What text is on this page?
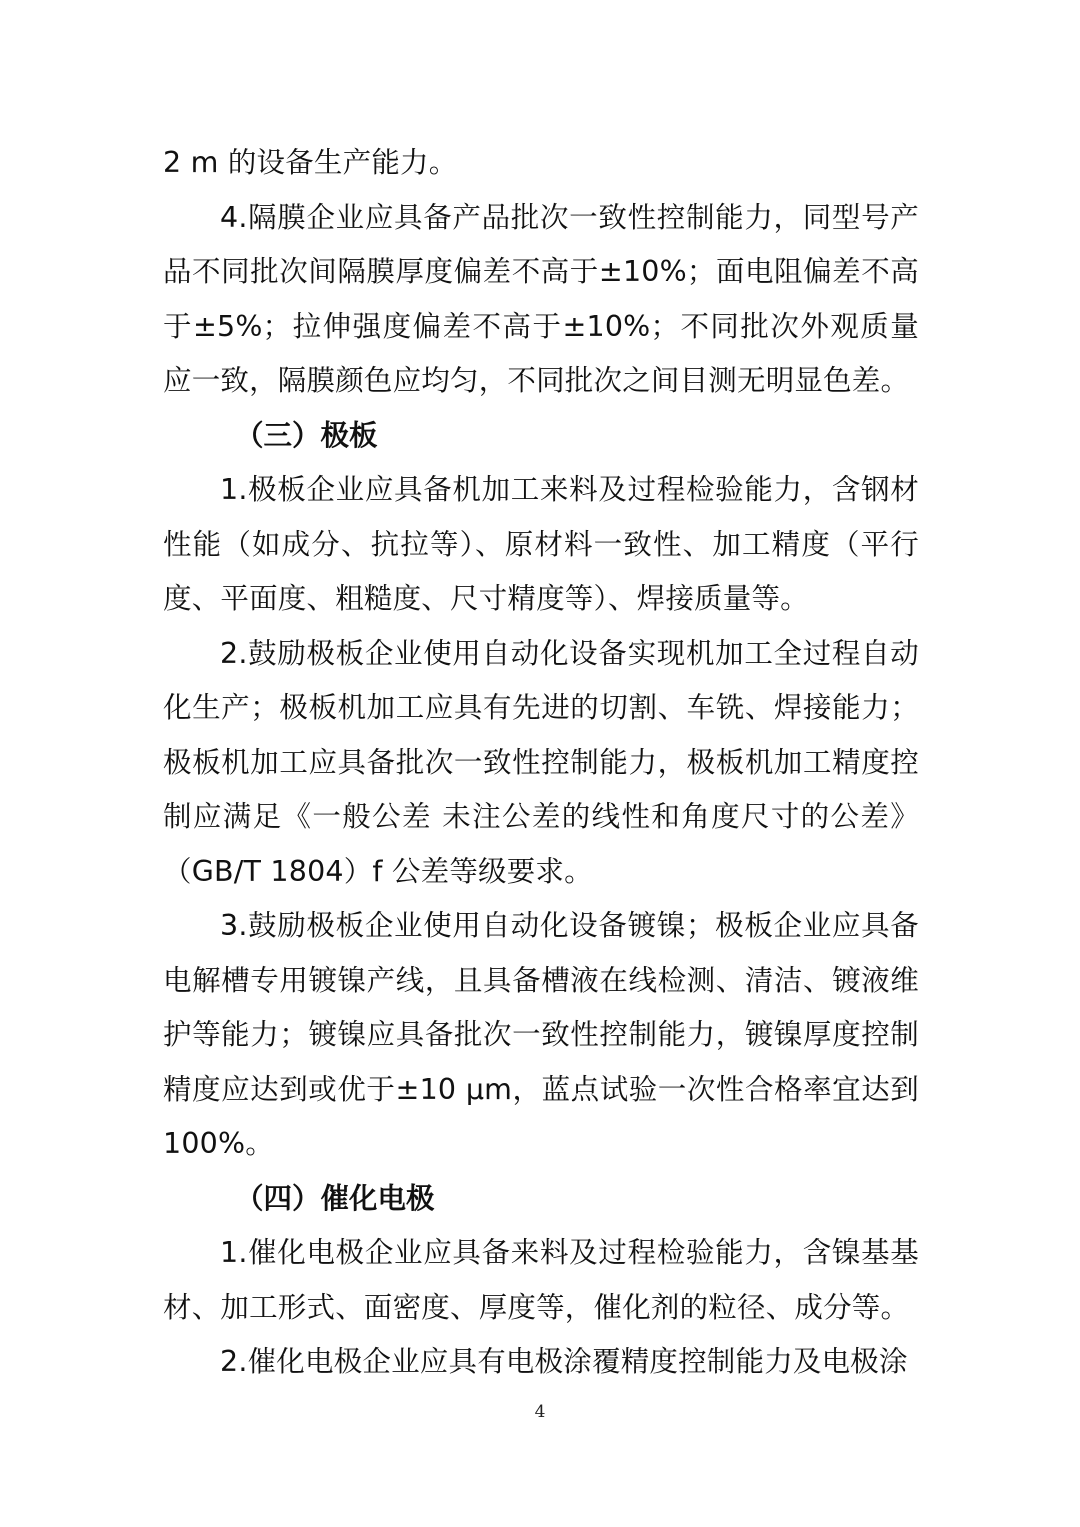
2 m 的设备生产能力。

4.隔膜企业应具备产品批次一致性控制能力，同型号产品不同批次间隔膜厚度偏差不高于±10%；面电阻偏差不高于±5%；拉伸强度偏差不高于±10%；不同批次外观质量应一致，隔膜颜色应均匀，不同批次之间目测无明显色差。

（三）极板

1.极板企业应具备机加工来料及过程检验能力，含钢材性能（如成分、抗拉等）、原材料一致性、加工精度（平行度、平面度、粗糙度、尺寸精度等）、焊接质量等。

2.鼓励极板企业使用自动化设备实现机加工全过程自动化生产；极板机加工应具有先进的切割、车铣、焊接能力；极板机加工应具备批次一致性控制能力，极板机加工精度控制应满足《一般公差 未注公差的线性和角度尺寸的公差》（GB/T 1804）f 公差等级要求。

3.鼓励极板企业使用自动化设备镀镍；极板企业应具备电解槽专用镀镍产线，且具备槽液在线检测、清洁、镀液维护等能力；镀镍应具备批次一致性控制能力，镀镍厚度控制精度应达到或优于±10 μm，蓝点试验一次性合格率宜达到100%。

（四）催化电极

1.催化电极企业应具备来料及过程检验能力，含镍基基材、加工形式、面密度、厚度等，催化剂的粒径、成分等。

2.催化电极企业应具有电极涂覆精度控制能力及电极涂

4
